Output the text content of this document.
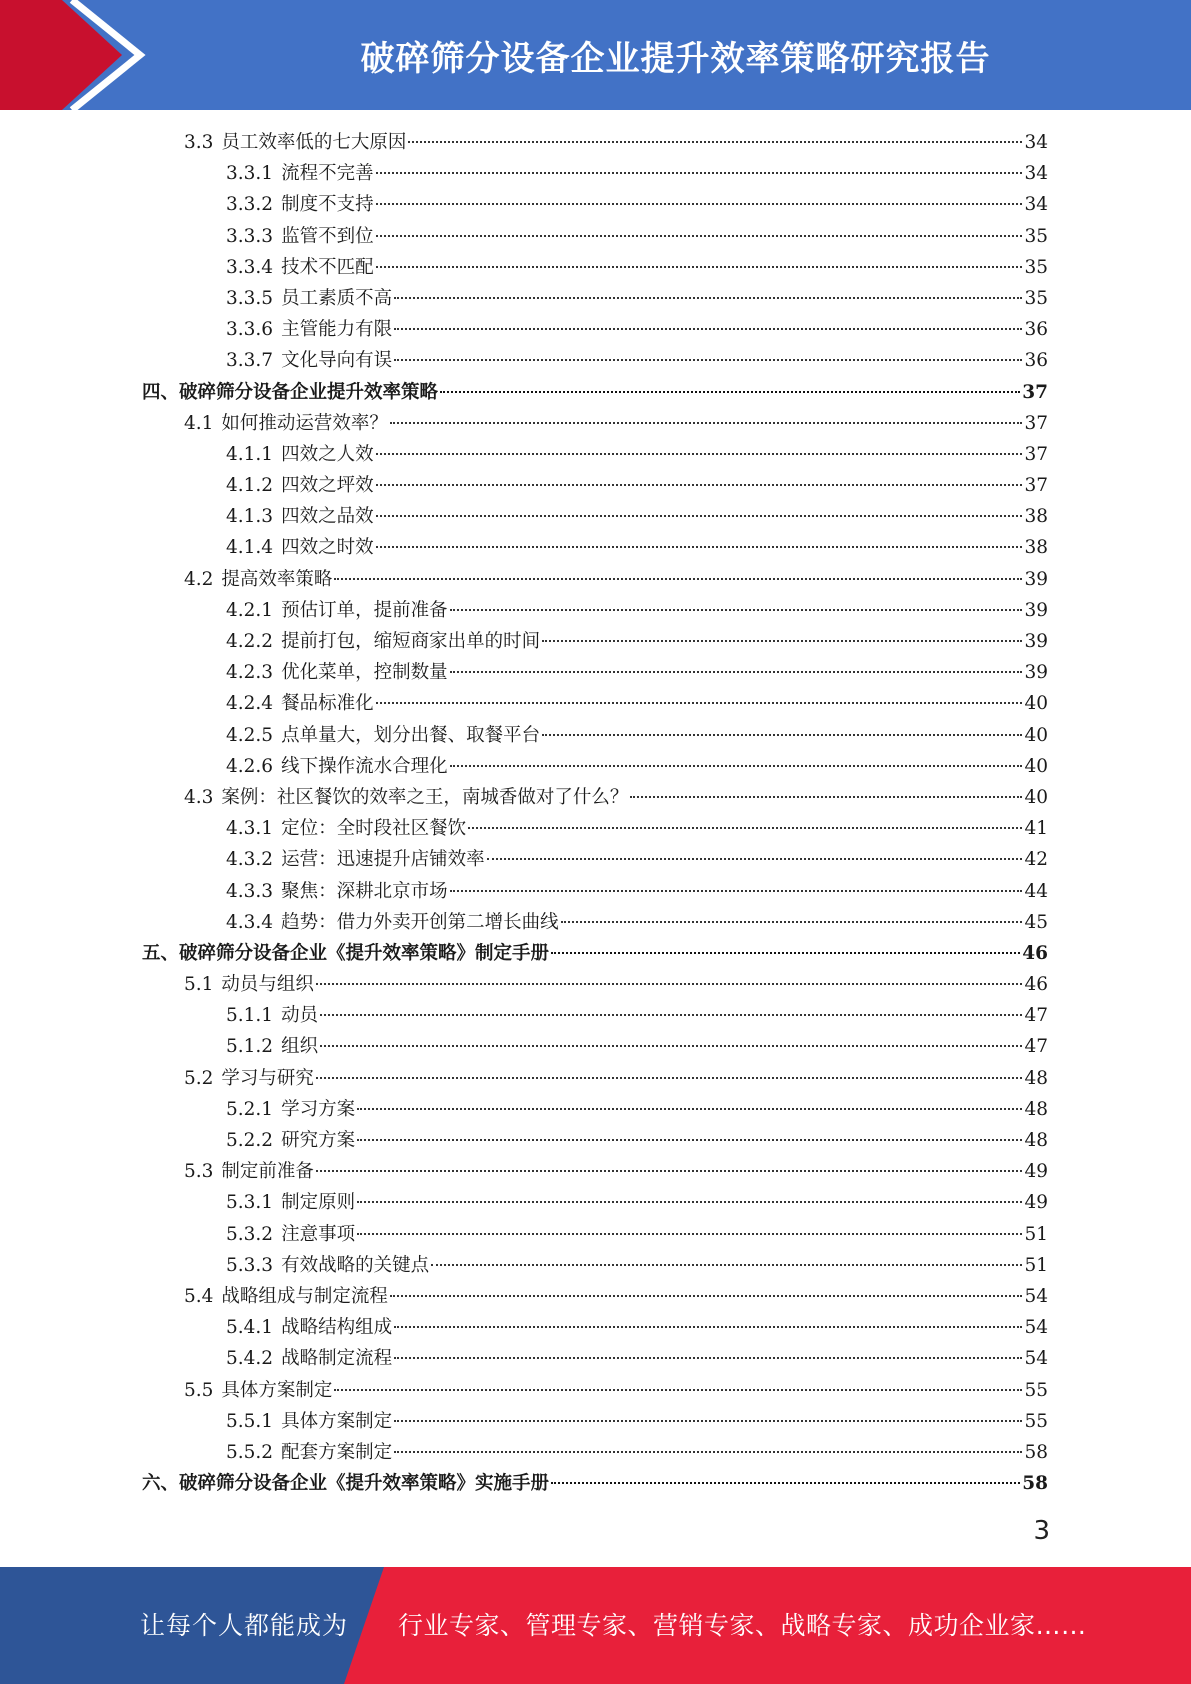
破碎筛分设备企业提升效率策略研究报告
3.3 员工效率低的七大原因	34
3.3.1 流程不完善	34
3.3.2 制度不支持	34
3.3.3 监管不到位	35
3.3.4 技术不匹配	35
3.3.5 员工素质不高	35
3.3.6 主管能力有限	36
3.3.7 文化导向有误	36
四、 破碎筛分设备企业提升效率策略	37
4.1 如何推动运营效率？	37
4.1.1 四效之人效	37
4.1.2 四效之坪效	37
4.1.3 四效之品效	38
4.1.4 四效之时效	38
4.2 提高效率策略	39
4.2.1 预估订单，提前准备	39
4.2.2 提前打包，缩短商家出单的时间	39
4.2.3 优化菜单，控制数量	39
4.2.4 餐品标准化	40
4.2.5 点单量大，划分出餐、取餐平台	40
4.2.6 线下操作流水合理化	40
4.3 案例：社区餐饮的效率之王，南城香做对了什么？	40
4.3.1 定位：全时段社区餐饮	41
4.3.2 运营：迅速提升店铺效率	42
4.3.3 聚焦：深耕北京市场	44
4.3.4 趋势：借力外卖开创第二增长曲线	45
五、 破碎筛分设备企业《提升效率策略》制定手册	46
5.1 动员与组织	46
5.1.1 动员	47
5.1.2 组织	47
5.2 学习与研究	48
5.2.1 学习方案	48
5.2.2 研究方案	48
5.3 制定前准备	49
5.3.1 制定原则	49
5.3.2 注意事项	51
5.3.3 有效战略的关键点	51
5.4 战略组成与制定流程	54
5.4.1 战略结构组成	54
5.4.2 战略制定流程	54
5.5 具体方案制定	55
5.5.1 具体方案制定	55
5.5.2 配套方案制定	58
六、 破碎筛分设备企业《提升效率策略》实施手册	58
3
让每个人都能成为 行业专家、管理专家、营销专家、战略专家、成功企业家……
